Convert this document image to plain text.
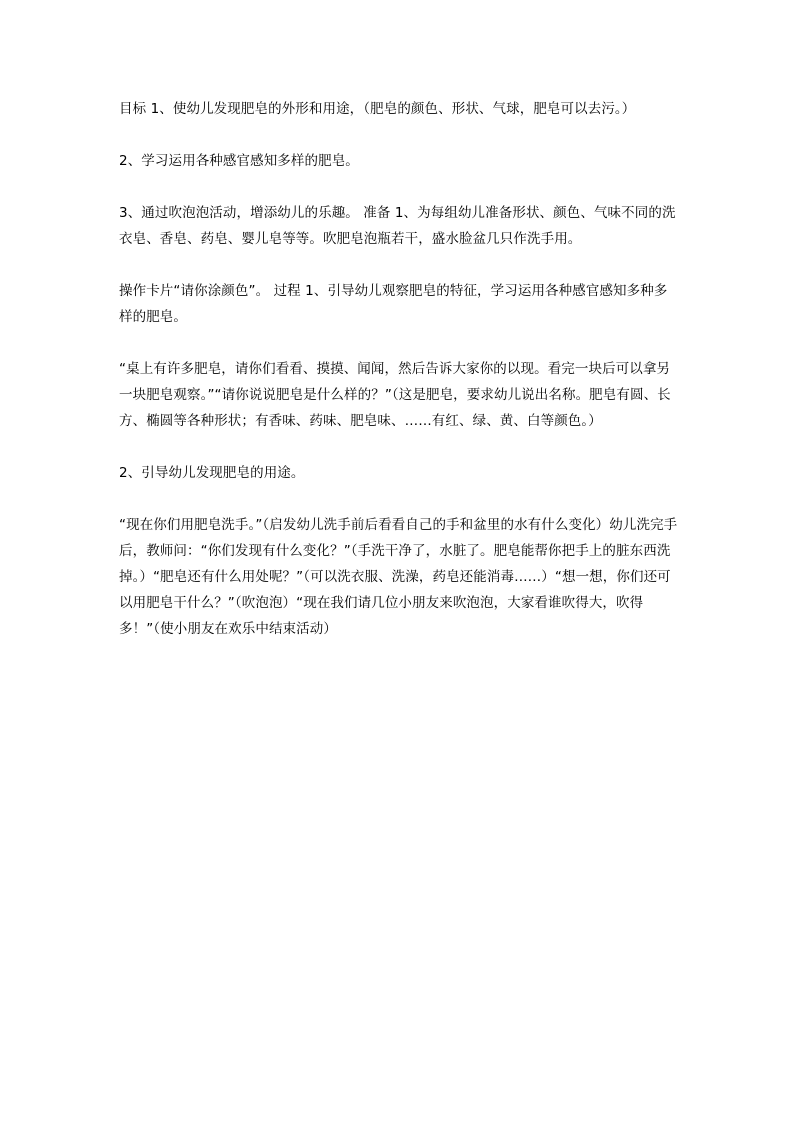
目标 1、使幼儿发现肥皂的外形和用途，（肥皂的颜色、形状、气球，肥皂可以去污。）

2、学习运用各种感官感知多样的肥皂。

3、通过吹泡泡活动，增添幼儿的乐趣。 准备 1、为每组幼儿准备形状、颜色、气味不同的洗衣皂、香皂、药皂、婴儿皂等等。吹肥皂泡瓶若干，盛水脸盆几只作洗手用。

操作卡片“请你涂颜色”。 过程 1、引导幼儿观察肥皂的特征，学习运用各种感官感知多种多样的肥皂。

“桌上有许多肥皂，请你们看看、摸摸、闻闻，然后告诉大家你的以现。看完一块后可以拿另一块肥皂观察。”“请你说说肥皂是什么样的？”（这是肥皂，要求幼儿说出名称。肥皂有圆、长方、椭圆等各种形状；有香味、药味、肥皂味、……有红、绿、黄、白等颜色。）

2、引导幼儿发现肥皂的用途。

“现在你们用肥皂洗手。”（启发幼儿洗手前后看看自己的手和盆里的水有什么变化）幼儿洗完手后，教师问：“你们发现有什么变化？”（手洗干净了，水脏了。肥皂能帮你把手上的脏东西洗掉。）“肥皂还有什么用处呢？”（可以洗衣服、洗澡，药皂还能消毒……）“想一想，你们还可以用肥皂干什么？”（吹泡泡）“现在我们请几位小朋友来吹泡泡，大家看谁吹得大，吹得多！”（使小朋友在欢乐中结束活动）
